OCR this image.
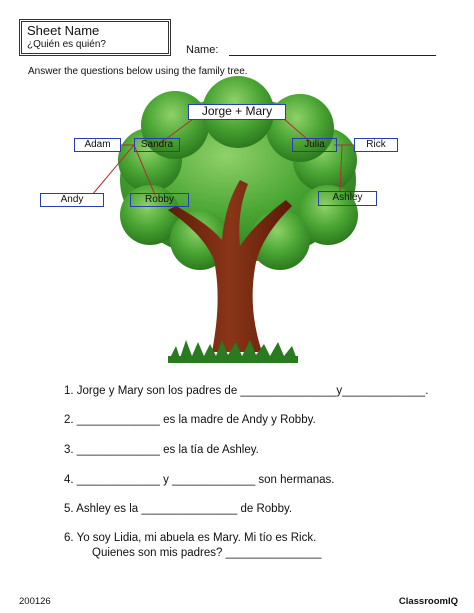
Sheet Name
¿Quién es quién?	Name:
Answer the questions below using the family tree.
Jorge + Mary
Adam	Sandra	Julia	Rick
Andy	Robby	Ashley
1. Jorge y Mary son los padres de _______________y_____________.
2. _____________ es la madre de Andy y Robby.
3. _____________ es la tía de Ashley.
4. _____________ y _____________ son hermanas.
5. Ashley es la _______________ de Robby.
6. Yo soy Lidia, mi abuela es Mary. Mi tío es Rick.
Quienes son mis padres? _______________
200126	ClassroomIQ
